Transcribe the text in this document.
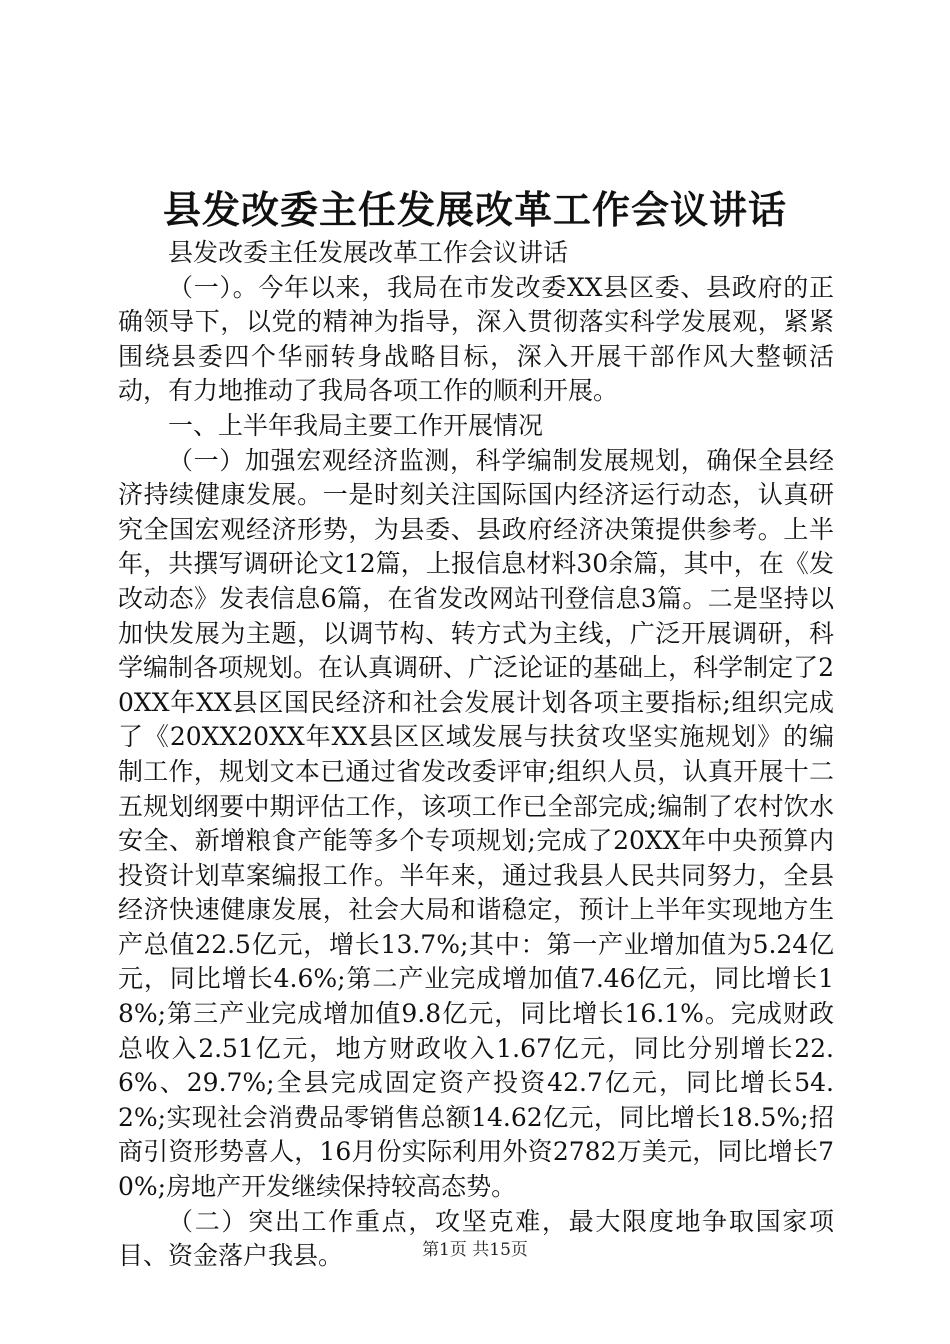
县发改委主任发展改革工作会议讲话

县发改委主任发展改革工作会议讲话

（一）。今年以来，我局在市发改委XX县区委、县政府的正确领导下，以党的精神为指导，深入贯彻落实科学发展观，紧紧围绕县委四个华丽转身战略目标，深入开展干部作风大整顿活动，有力地推动了我局各项工作的顺利开展。

一、上半年我局主要工作开展情况

（一）加强宏观经济监测，科学编制发展规划，确保全县经济持续健康发展。一是时刻关注国际国内经济运行动态，认真研究全国宏观经济形势，为县委、县政府经济决策提供参考。上半年，共撰写调研论文12篇，上报信息材料30余篇，其中，在《发改动态》发表信息6篇，在省发改网站刊登信息3篇。二是坚持以加快发展为主题，以调节构、转方式为主线，广泛开展调研，科学编制各项规划。在认真调研、广泛论证的基础上，科学制定了20XX年XX县区国民经济和社会发展计划各项主要指标;组织完成了《20XX20XX年XX县区区域发展与扶贫攻坚实施规划》的编制工作，规划文本已通过省发改委评审;组织人员，认真开展十二五规划纲要中期评估工作，该项工作已全部完成;编制了农村饮水安全、新增粮食产能等多个专项规划;完成了20XX年中央预算内投资计划草案编报工作。半年来，通过我县人民共同努力，全县经济快速健康发展，社会大局和谐稳定，预计上半年实现地方生产总值22.5亿元，增长13.7%;其中：第一产业增加值为5.24亿元，同比增长4.6%;第二产业完成增加值7.46亿元，同比增长18%;第三产业完成增加值9.8亿元，同比增长16.1%。完成财政总收入2.51亿元，地方财政收入1.67亿元，同比分别增长22.6%、29.7%;全县完成固定资产投资42.7亿元，同比增长54.2%;实现社会消费品零销售总额14.62亿元，同比增长18.5%;招商引资形势喜人，16月份实际利用外资2782万美元，同比增长70%;房地产开发继续保持较高态势。

（二）突出工作重点，攻坚克难，最大限度地争取国家项目、资金落户我县。	第1页 共15页
